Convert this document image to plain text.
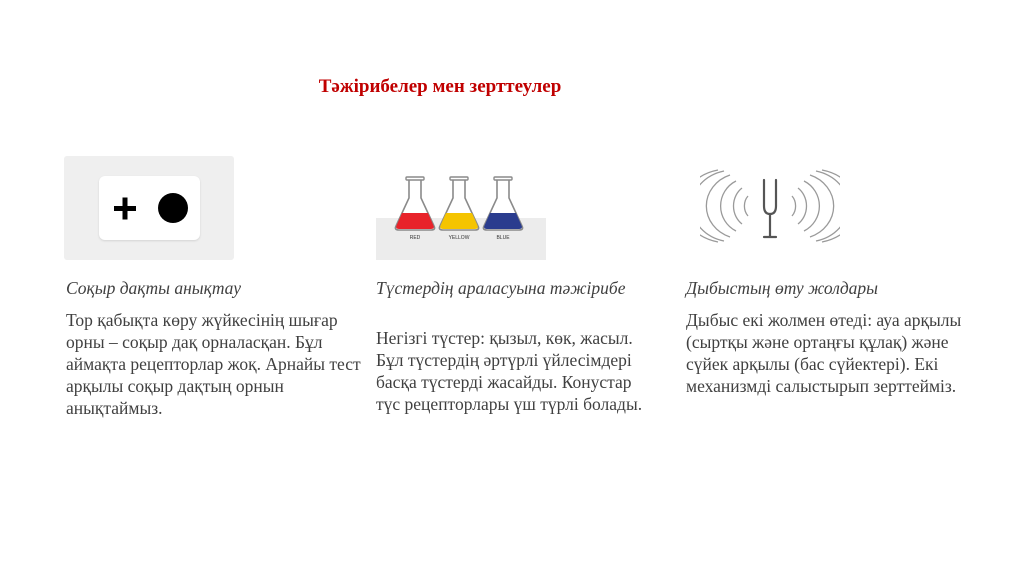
Тәжірибелер мен зерттеулер
RED	YELLOW	BLUE
Соқыр дақты анықтау
Тор қабықта көру жүйкесінің шығар орны – соқыр дақ орналасқан. Бұл аймақта рецепторлар жоқ. Арнайы тест арқылы соқыр дақтың орнын анықтаймыз.
Түстердің араласуына тәжірибе
Негізгі түстер: қызыл, көк, жасыл. Бұл түстердің әртүрлі үйлесімдері басқа түстерді жасайды. Конустар түс рецепторлары үш түрлі болады.
Дыбыстың өту жолдары
Дыбыс екі жолмен өтеді: ауа арқылы (сыртқы және ортаңғы құлақ) және сүйек арқылы (бас сүйектері). Екі механизмді салыстырып зерттейміз.
